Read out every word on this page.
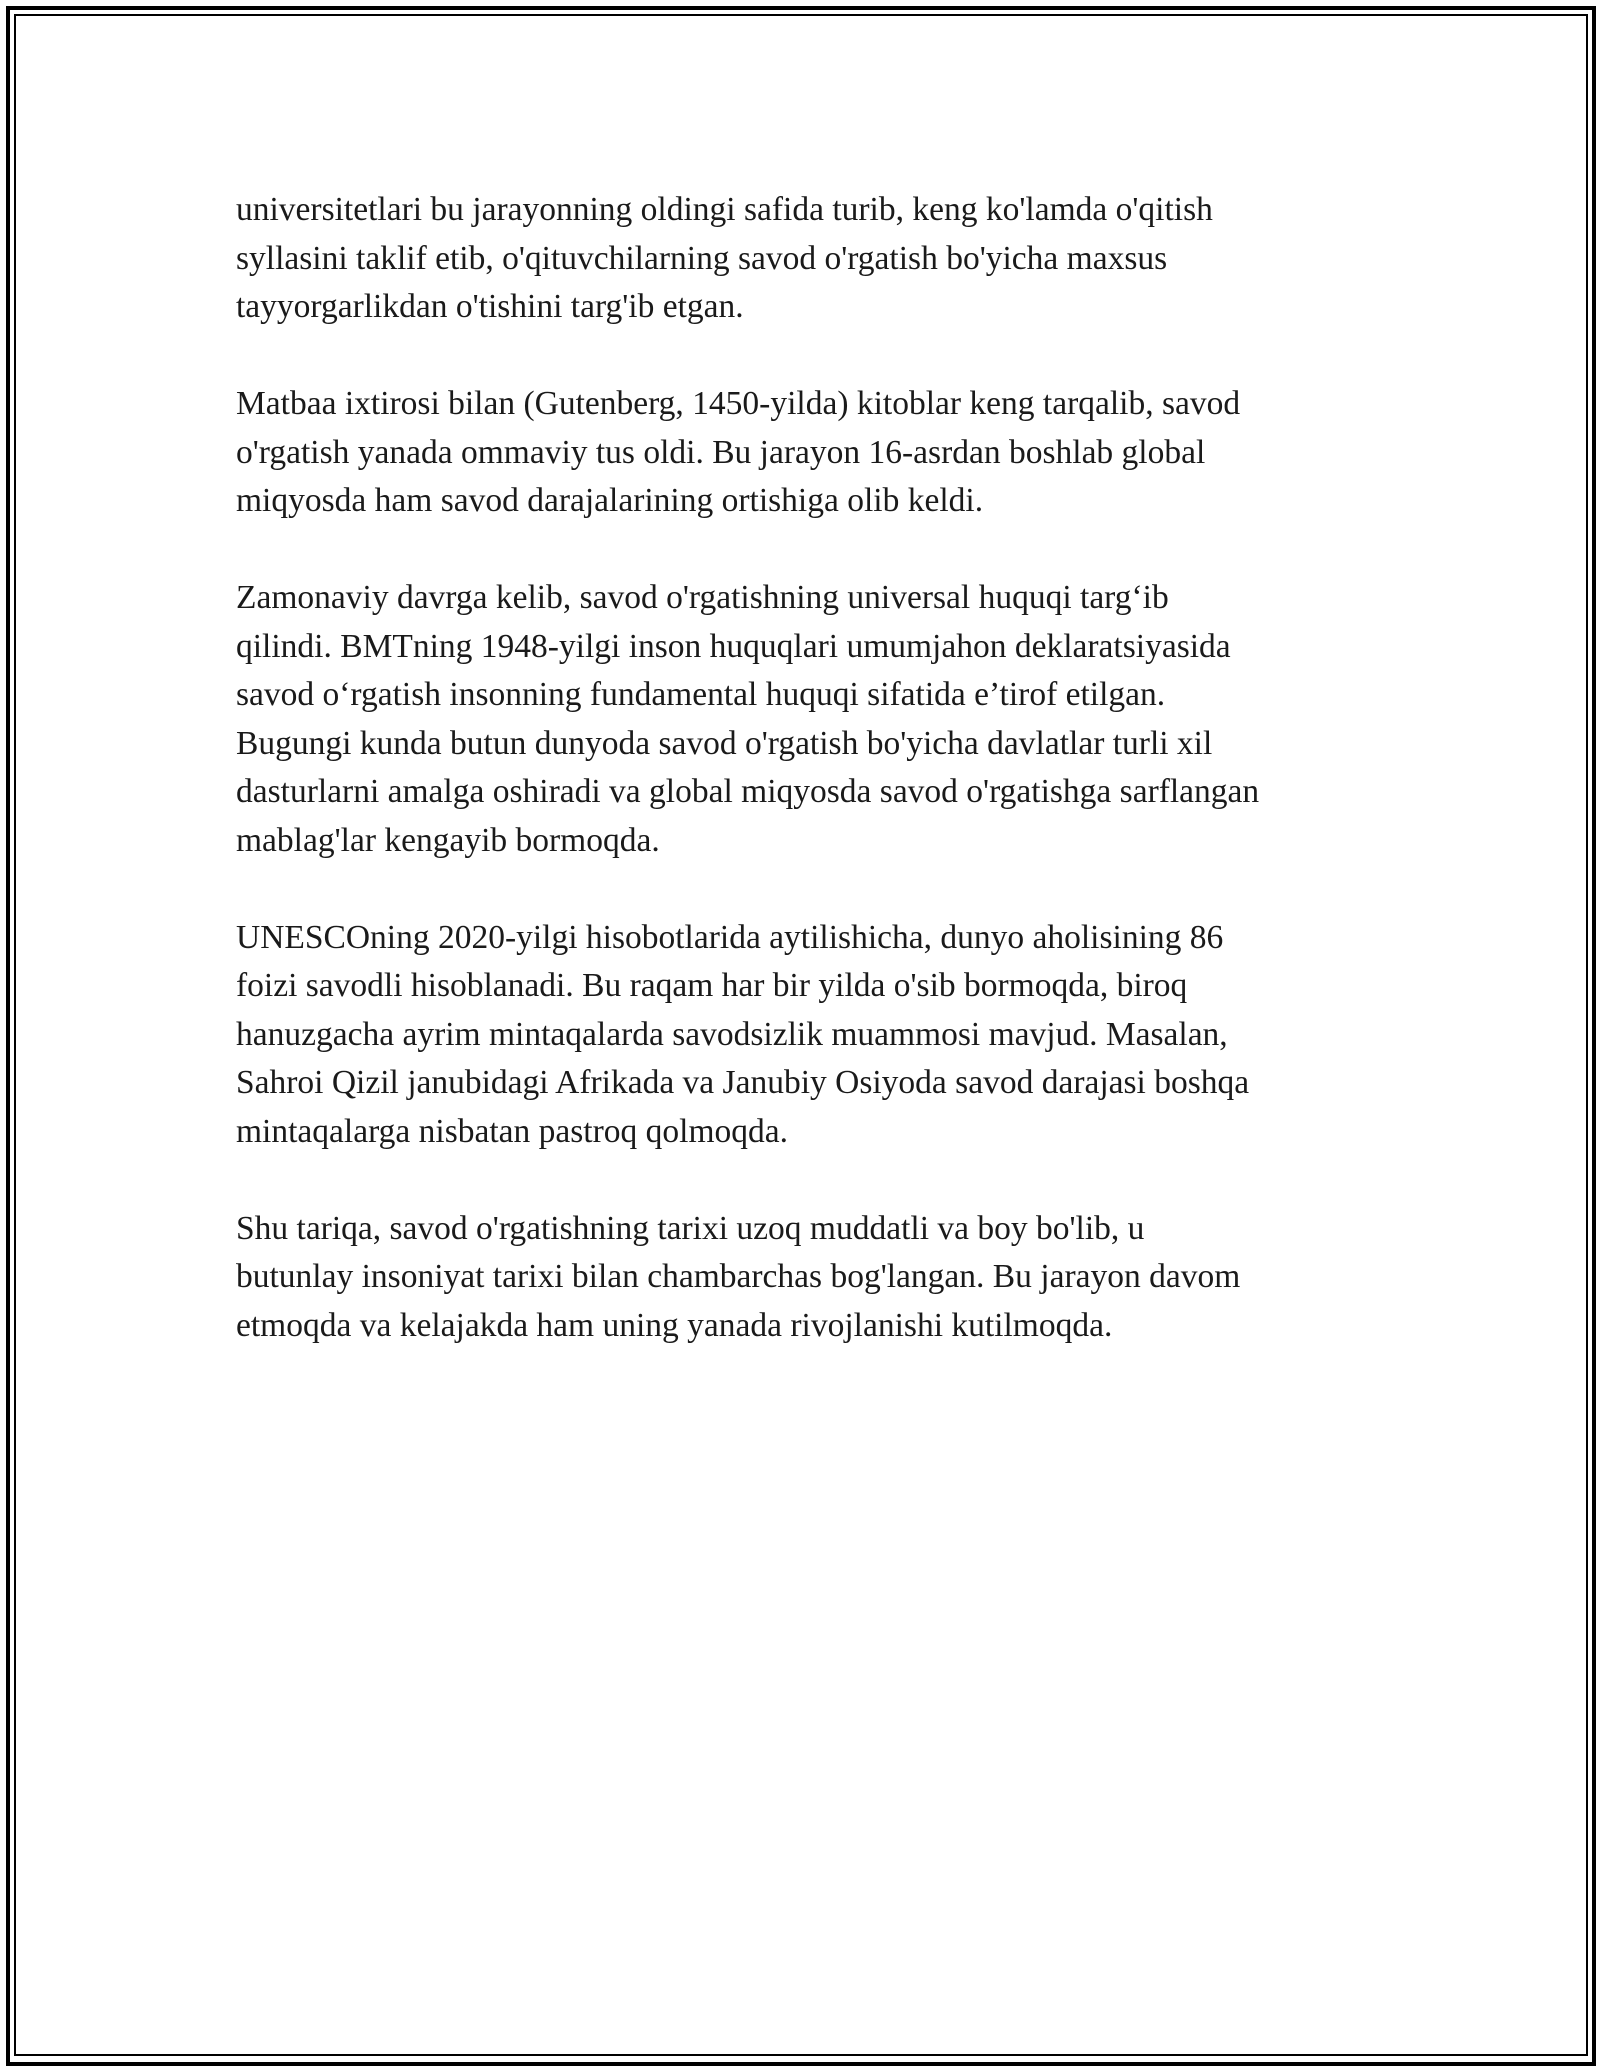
universitetlari bu jarayonning oldingi safida turib, keng ko'lamda o'qitish
syllasini taklif etib, o'qituvchilarning savod o'rgatish bo'yicha maxsus
tayyorgarlikdan o'tishini targ'ib etgan.

Matbaa ixtirosi bilan (Gutenberg, 1450-yilda) kitoblar keng tarqalib, savod
o'rgatish yanada ommaviy tus oldi. Bu jarayon 16-asrdan boshlab global
miqyosda ham savod darajalarining ortishiga olib keldi.

Zamonaviy davrga kelib, savod o'rgatishning universal huquqi targ‘ib
qilindi. BMTning 1948-yilgi inson huquqlari umumjahon deklaratsiyasida
savod o‘rgatish insonning fundamental huquqi sifatida e’tirof etilgan.
Bugungi kunda butun dunyoda savod o'rgatish bo'yicha davlatlar turli xil
dasturlarni amalga oshiradi va global miqyosda savod o'rgatishga sarflangan
mablag'lar kengayib bormoqda.

UNESCOning 2020-yilgi hisobotlarida aytilishicha, dunyo aholisining 86
foizi savodli hisoblanadi. Bu raqam har bir yilda o'sib bormoqda, biroq
hanuzgacha ayrim mintaqalarda savodsizlik muammosi mavjud. Masalan,
Sahroi Qizil janubidagi Afrikada va Janubiy Osiyoda savod darajasi boshqa
mintaqalarga nisbatan pastroq qolmoqda.

Shu tariqa, savod o'rgatishning tarixi uzoq muddatli va boy bo'lib, u
butunlay insoniyat tarixi bilan chambarchas bog'langan. Bu jarayon davom
etmoqda va kelajakda ham uning yanada rivojlanishi kutilmoqda.
